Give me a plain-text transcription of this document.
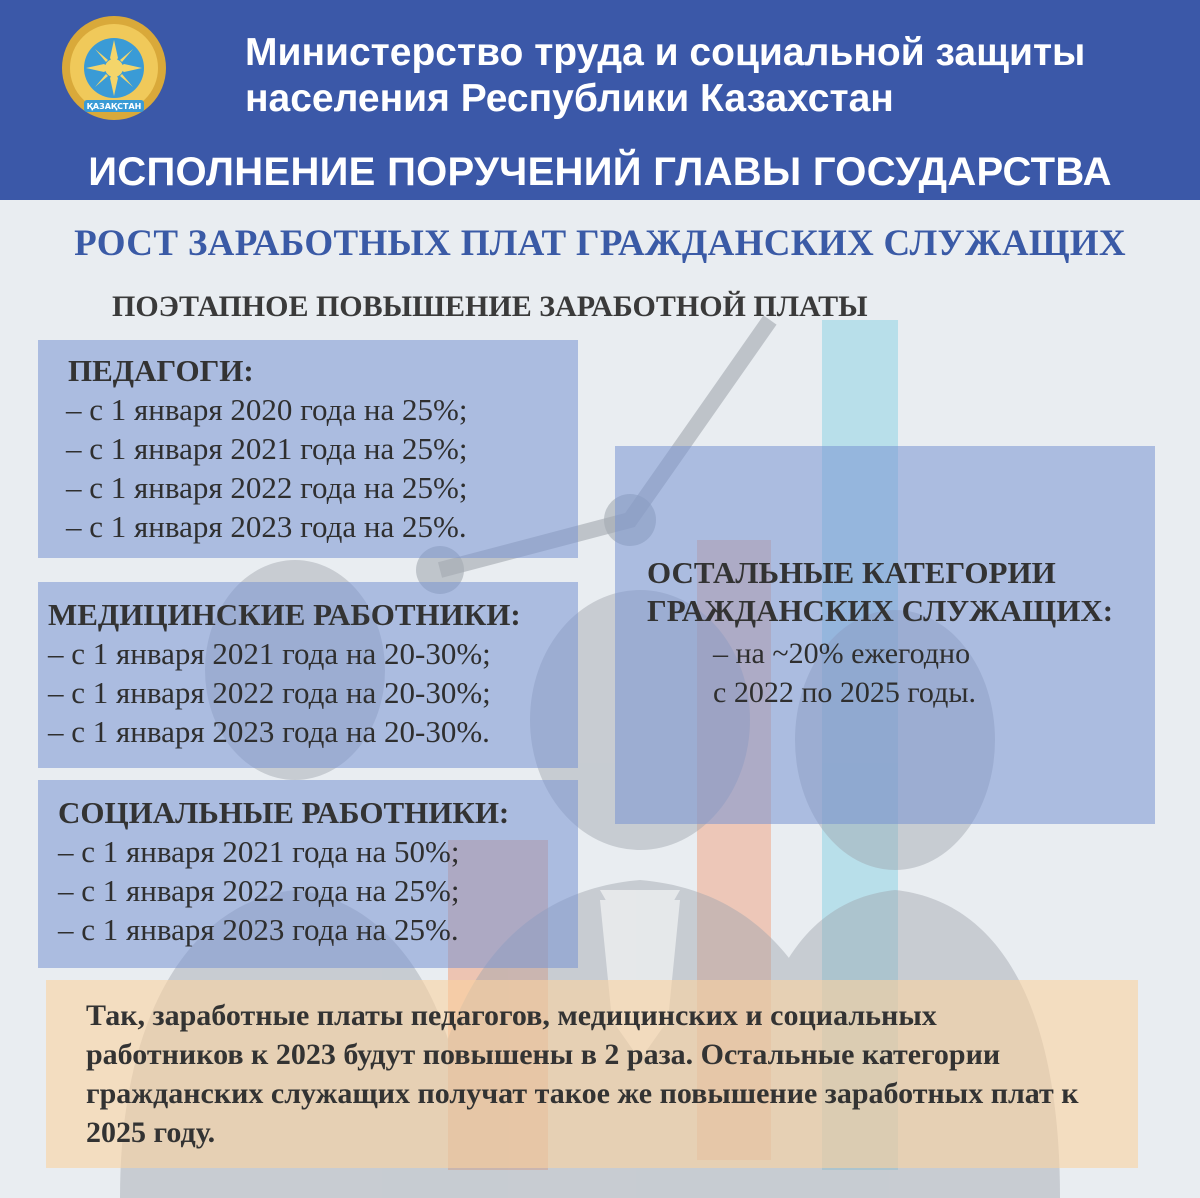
ҚАЗАҚСТАН
Министерство труда и социальной защиты
населения Республики Казахстан
ИСПОЛНЕНИЕ ПОРУЧЕНИЙ ГЛАВЫ ГОСУДАРСТВА
РОСТ ЗАРАБОТНЫХ ПЛАТ ГРАЖДАНСКИХ СЛУЖАЩИХ
ПОЭТАПНОЕ ПОВЫШЕНИЕ ЗАРАБОТНОЙ ПЛАТЫ
ПЕДАГОГИ:
– с 1 января 2020 года на 25%;
– с 1 января 2021 года на 25%;
– с 1 января 2022 года на 25%;
– с 1 января 2023 года на 25%.
МЕДИЦИНСКИЕ РАБОТНИКИ:
– с 1 января 2021 года на 20-30%;
– с 1 января 2022 года на 20-30%;
– с 1 января 2023 года на 20-30%.
СОЦИАЛЬНЫЕ РАБОТНИКИ:
– с 1 января 2021 года на 50%;
– с 1 января 2022 года на 25%;
– с 1 января 2023 года на 25%.
ОСТАЛЬНЫЕ КАТЕГОРИИ
ГРАЖДАНСКИХ СЛУЖАЩИХ:
– на ~20% ежегодно
с 2022 по 2025 годы.
Так, заработные платы педагогов, медицинских и социальных работников к 2023 будут повышены в 2 раза. Остальные категории гражданских служащих получат такое же повышение заработных плат к 2025 году.
